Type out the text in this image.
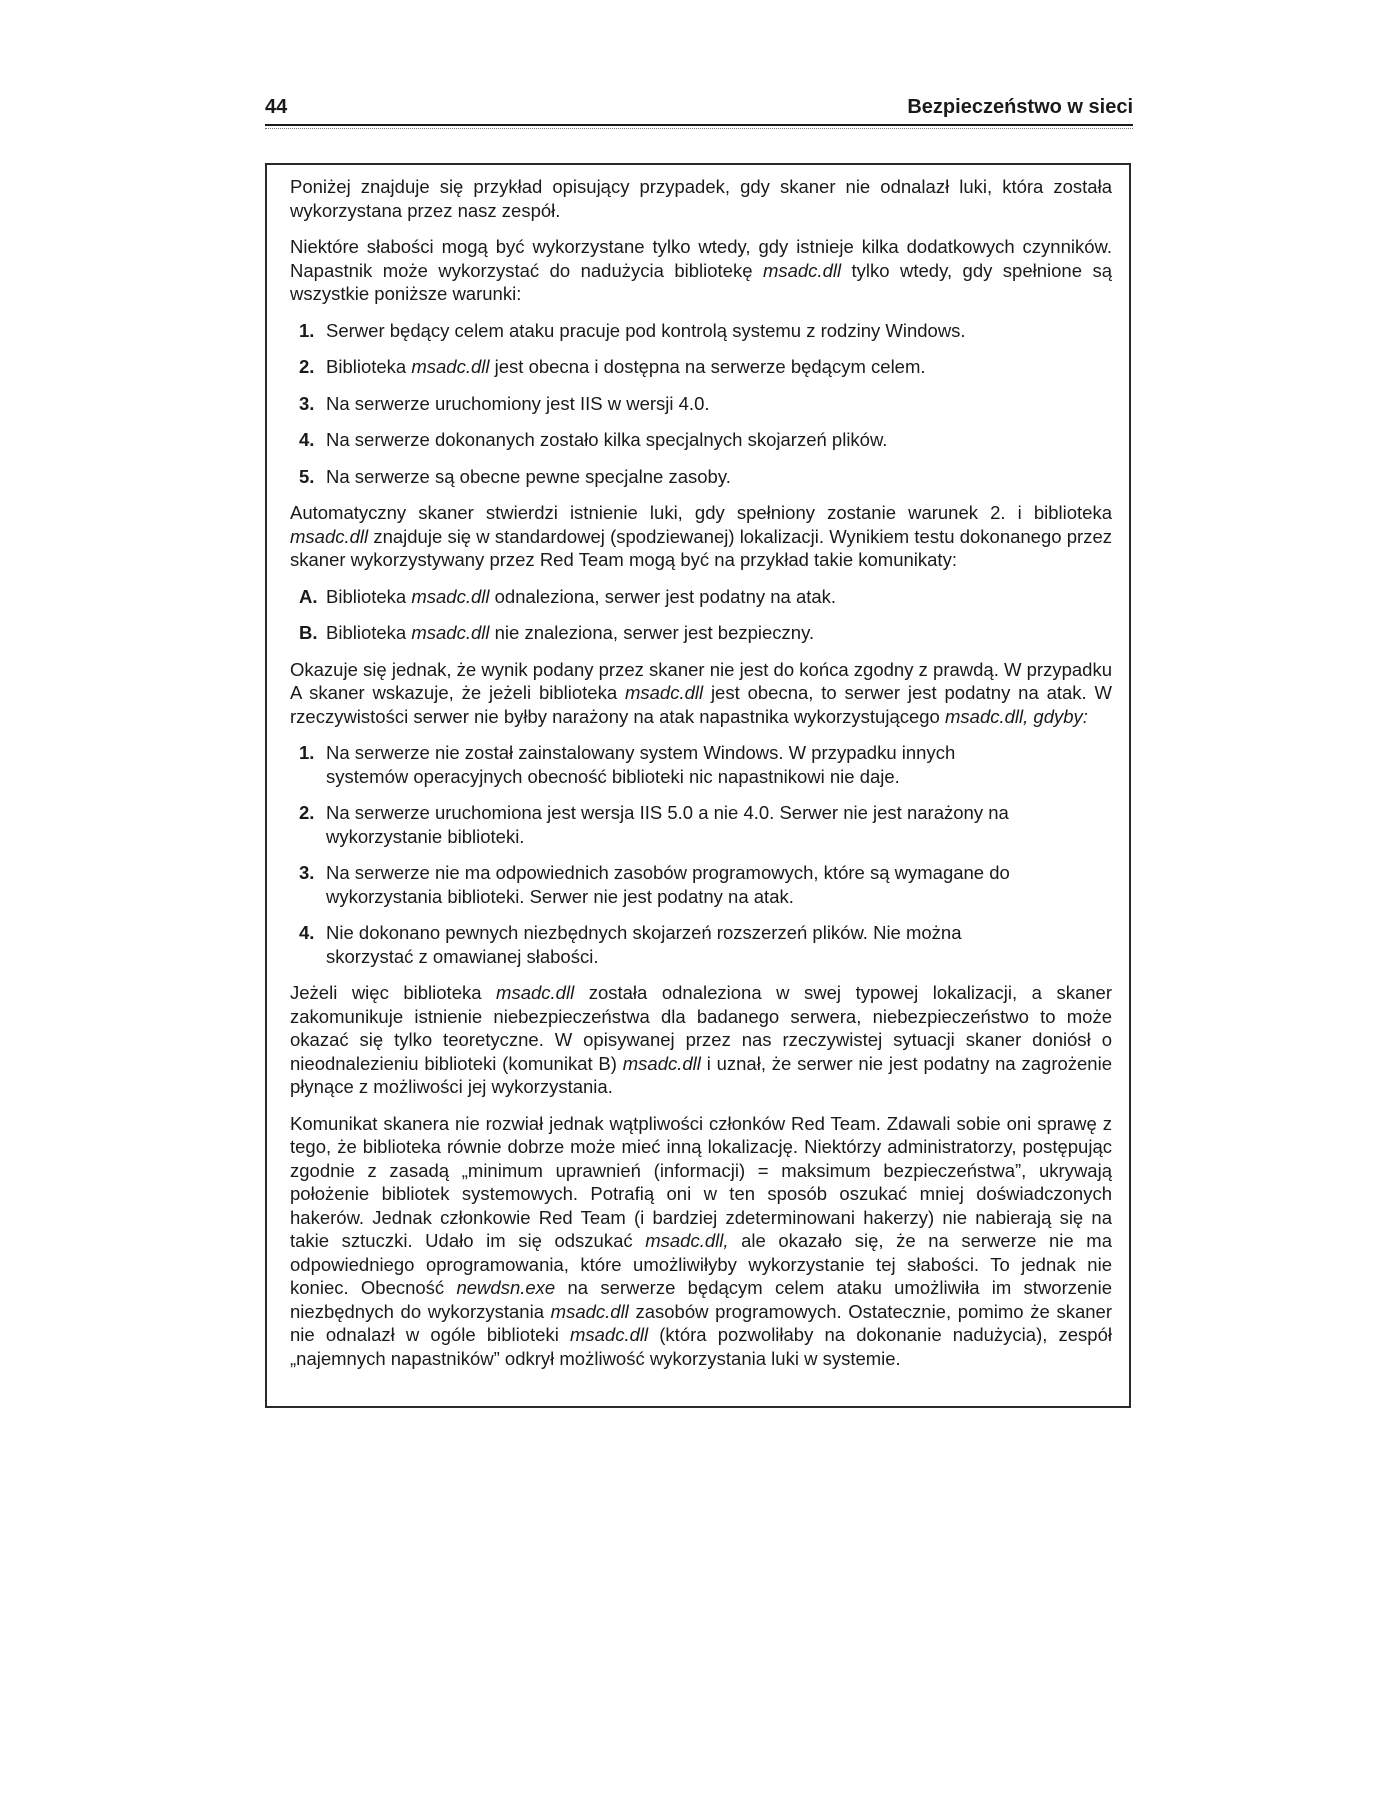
44	Bezpieczeństwo w sieci

Poniżej znajduje się przykład opisujący przypadek, gdy skaner nie odnalazł luki, która została wykorzystana przez nasz zespół.

Niektóre słabości mogą być wykorzystane tylko wtedy, gdy istnieje kilka dodatkowych czynników. Napastnik może wykorzystać do nadużycia bibliotekę msadc.dll tylko wtedy, gdy spełnione są wszystkie poniższe warunki:

1. Serwer będący celem ataku pracuje pod kontrolą systemu z rodziny Windows.
2. Biblioteka msadc.dll jest obecna i dostępna na serwerze będącym celem.
3. Na serwerze uruchomiony jest IIS w wersji 4.0.
4. Na serwerze dokonanych zostało kilka specjalnych skojarzeń plików.
5. Na serwerze są obecne pewne specjalne zasoby.

Automatyczny skaner stwierdzi istnienie luki, gdy spełniony zostanie warunek 2. i biblioteka msadc.dll znajduje się w standardowej (spodziewanej) lokalizacji. Wynikiem testu dokonanego przez skaner wykorzystywany przez Red Team mogą być na przykład takie komunikaty:

A. Biblioteka msadc.dll odnaleziona, serwer jest podatny na atak.
B. Biblioteka msadc.dll nie znaleziona, serwer jest bezpieczny.

Okazuje się jednak, że wynik podany przez skaner nie jest do końca zgodny z prawdą. W przypadku A skaner wskazuje, że jeżeli biblioteka msadc.dll jest obecna, to serwer jest podatny na atak. W rzeczywistości serwer nie byłby narażony na atak napastnika wykorzystującego msadc.dll, gdyby:

1. Na serwerze nie został zainstalowany system Windows. W przypadku innych systemów operacyjnych obecność biblioteki nic napastnikowi nie daje.
2. Na serwerze uruchomiona jest wersja IIS 5.0 a nie 4.0. Serwer nie jest narażony na wykorzystanie biblioteki.
3. Na serwerze nie ma odpowiednich zasobów programowych, które są wymagane do wykorzystania biblioteki. Serwer nie jest podatny na atak.
4. Nie dokonano pewnych niezbędnych skojarzeń rozszerzeń plików. Nie można skorzystać z omawianej słabości.

Jeżeli więc biblioteka msadc.dll została odnaleziona w swej typowej lokalizacji, a skaner zakomunikuje istnienie niebezpieczeństwa dla badanego serwera, niebezpieczeństwo to może okazać się tylko teoretyczne. W opisywanej przez nas rzeczywistej sytuacji skaner doniósł o nieodnalezieniu biblioteki (komunikat B) msadc.dll i uznał, że serwer nie jest podatny na zagrożenie płynące z możliwości jej wykorzystania.

Komunikat skanera nie rozwiał jednak wątpliwości członków Red Team. Zdawali sobie oni sprawę z tego, że biblioteka równie dobrze może mieć inną lokalizację. Niektórzy administratorzy, postępując zgodnie z zasadą „minimum uprawnień (informacji) = maksimum bezpieczeństwa”, ukrywają położenie bibliotek systemowych. Potrafią oni w ten sposób oszukać mniej doświadczonych hakerów. Jednak członkowie Red Team (i bardziej zdeterminowani hakerzy) nie nabierają się na takie sztuczki. Udało im się odszukać msadc.dll, ale okazało się, że na serwerze nie ma odpowiedniego oprogramowania, które umożliwiłyby wykorzystanie tej słabości. To jednak nie koniec. Obecność newdsn.exe na serwerze będącym celem ataku umożliwiła im stworzenie niezbędnych do wykorzystania msadc.dll zasobów programowych. Ostatecznie, pomimo że skaner nie odnalazł w ogóle biblioteki msadc.dll (która pozwoliłaby na dokonanie nadużycia), zespół „najemnych napastników” odkrył możliwość wykorzystania luki w systemie.
